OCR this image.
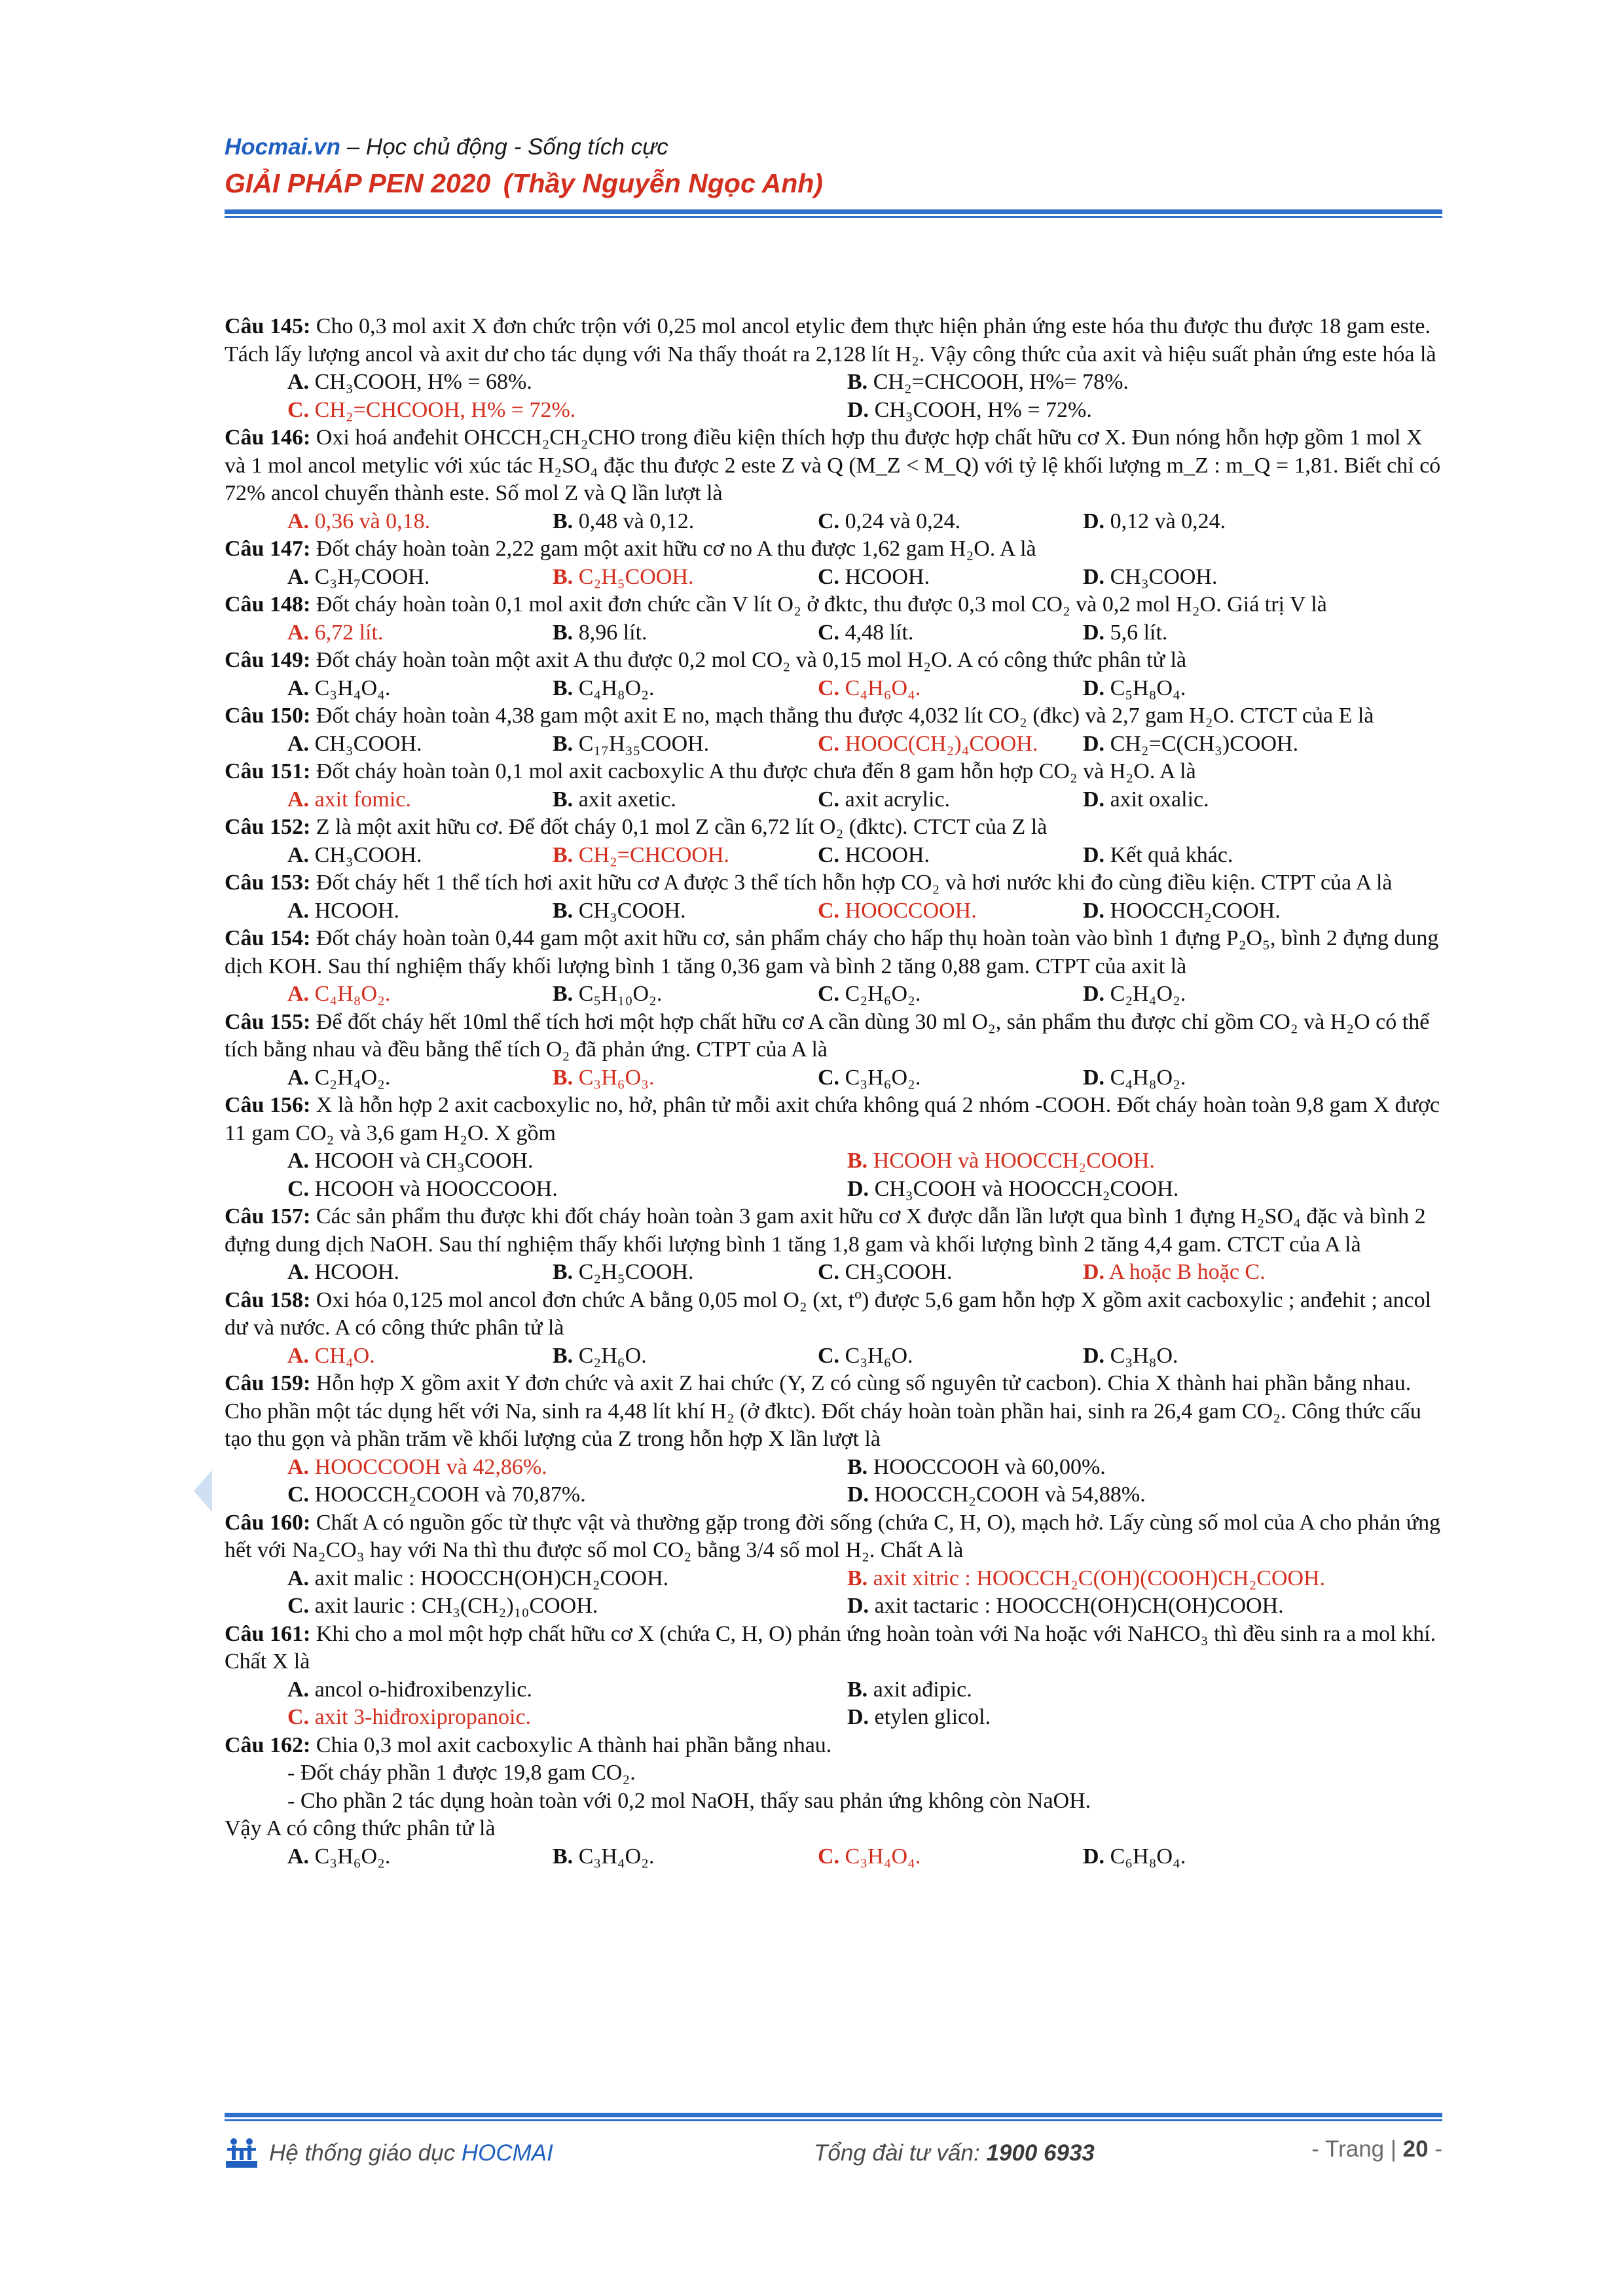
Hocmai.vn – Học chủ động - Sống tích cực
GIẢI PHÁP PEN 2020 (Thầy Nguyễn Ngọc Anh)

Câu 145: Cho 0,3 mol axit X đơn chức trộn với 0,25 mol ancol etylic đem thực hiện phản ứng este hóa thu được thu được 18 gam este. Tách lấy lượng ancol và axit dư cho tác dụng với Na thấy thoát ra 2,128 lít H₂. Vậy công thức của axit và hiệu suất phản ứng este hóa là

A. CH₃COOH, H% = 68%.	B. CH₂=CHCOOH, H%= 78%.
C. CH₂=CHCOOH, H% = 72%.	D. CH₃COOH, H% = 72%.

Câu 146: Oxi hoá anđehit OHCCH₂CH₂CHO trong điều kiện thích hợp thu được hợp chất hữu cơ X. Đun nóng hỗn hợp gồm 1 mol X và 1 mol ancol metylic với xúc tác H₂SO₄ đặc thu được 2 este Z và Q (M_Z < M_Q) với tỷ lệ khối lượng m_Z : m_Q = 1,81. Biết chỉ có 72% ancol chuyển thành este. Số mol Z và Q lần lượt là

A. 0,36 và 0,18.	B. 0,48 và 0,12.	C. 0,24 và 0,24.	D. 0,12 và 0,24.

Câu 147: Đốt cháy hoàn toàn 2,22 gam một axit hữu cơ no A thu được 1,62 gam H₂O. A là

A. C₃H₇COOH.	B. C₂H₅COOH.	C. HCOOH.	D. CH₃COOH.

Câu 148: Đốt cháy hoàn toàn 0,1 mol axit đơn chức cần V lít O₂ ở đktc, thu được 0,3 mol CO₂ và 0,2 mol H₂O. Giá trị V là

A. 6,72 lít.	B. 8,96 lít.	C. 4,48 lít.	D. 5,6 lít.

Câu 149: Đốt cháy hoàn toàn một axit A thu được 0,2 mol CO₂ và 0,15 mol H₂O. A có công thức phân tử là

A. C₃H₄O₄.	B. C₄H₈O₂.	C. C₄H₆O₄.	D. C₅H₈O₄.

Câu 150: Đốt cháy hoàn toàn 4,38 gam một axit E no, mạch thẳng thu được 4,032 lít CO₂ (đkc) và 2,7 gam H₂O. CTCT của E là

A. CH₃COOH.	B. C₁₇H₃₅COOH.	C. HOOC(CH₂)₄COOH.	D. CH₂=C(CH₃)COOH.

Câu 151: Đốt cháy hoàn toàn 0,1 mol axit cacboxylic A thu được chưa đến 8 gam hỗn hợp CO₂ và H₂O. A là

A. axit fomic.	B. axit axetic.	C. axit acrylic.	D. axit oxalic.

Câu 152: Z là một axit hữu cơ. Để đốt cháy 0,1 mol Z cần 6,72 lít O₂ (đktc). CTCT của Z là

A. CH₃COOH.	B. CH₂=CHCOOH.	C. HCOOH.	D. Kết quả khác.

Câu 153: Đốt cháy hết 1 thể tích hơi axit hữu cơ A được 3 thể tích hỗn hợp CO₂ và hơi nước khi đo cùng điều kiện. CTPT của A là

A. HCOOH.	B. CH₃COOH.	C. HOOCCOOH.	D. HOOCCH₂COOH.

Câu 154: Đốt cháy hoàn toàn 0,44 gam một axit hữu cơ, sản phẩm cháy cho hấp thụ hoàn toàn vào bình 1 đựng P₂O₅, bình 2 đựng dung dịch KOH. Sau thí nghiệm thấy khối lượng bình 1 tăng 0,36 gam và bình 2 tăng 0,88 gam. CTPT của axit là

A. C₄H₈O₂.	B. C₅H₁₀O₂.	C. C₂H₆O₂.	D. C₂H₄O₂.

Câu 155: Để đốt cháy hết 10ml thể tích hơi một hợp chất hữu cơ A cần dùng 30 ml O₂, sản phẩm thu được chỉ gồm CO₂ và H₂O có thể tích bằng nhau và đều bằng thể tích O₂ đã phản ứng. CTPT của A là

A. C₂H₄O₂.	B. C₃H₆O₃.	C. C₃H₆O₂.	D. C₄H₈O₂.

Câu 156: X là hỗn hợp 2 axit cacboxylic no, hở, phân tử mỗi axit chứa không quá 2 nhóm -COOH. Đốt cháy hoàn toàn 9,8 gam X được 11 gam CO₂ và 3,6 gam H₂O. X gồm

A. HCOOH và CH₃COOH.	B. HCOOH và HOOCCH₂COOH.
C. HCOOH và HOOCCOOH.	D. CH₃COOH và HOOCCH₂COOH.

Câu 157: Các sản phẩm thu được khi đốt cháy hoàn toàn 3 gam axit hữu cơ X được dẫn lần lượt qua bình 1 đựng H₂SO₄ đặc và bình 2 đựng dung dịch NaOH. Sau thí nghiệm thấy khối lượng bình 1 tăng 1,8 gam và khối lượng bình 2 tăng 4,4 gam. CTCT của A là

A. HCOOH.	B. C₂H₅COOH.	C. CH₃COOH.	D. A hoặc B hoặc C.

Câu 158: Oxi hóa 0,125 mol ancol đơn chức A bằng 0,05 mol O₂ (xt, tº) được 5,6 gam hỗn hợp X gồm axit cacboxylic ; anđehit ; ancol dư và nước. A có công thức phân tử là

A. CH₄O.	B. C₂H₆O.	C. C₃H₆O.	D. C₃H₈O.

Câu 159: Hỗn hợp X gồm axit Y đơn chức và axit Z hai chức (Y, Z có cùng số nguyên tử cacbon). Chia X thành hai phần bằng nhau. Cho phần một tác dụng hết với Na, sinh ra 4,48 lít khí H₂ (ở đktc). Đốt cháy hoàn toàn phần hai, sinh ra 26,4 gam CO₂. Công thức cấu tạo thu gọn và phần trăm về khối lượng của Z trong hỗn hợp X lần lượt là

A. HOOCCOOH và 42,86%.	B. HOOCCOOH và 60,00%.
C. HOOCCH₂COOH và 70,87%.	D. HOOCCH₂COOH và 54,88%.

Câu 160: Chất A có nguồn gốc từ thực vật và thường gặp trong đời sống (chứa C, H, O), mạch hở. Lấy cùng số mol của A cho phản ứng hết với Na₂CO₃ hay với Na thì thu được số mol CO₂ bằng 3/4 số mol H₂. Chất A là

A. axit malic : HOOCCH(OH)CH₂COOH.	B. axit xitric : HOOCCH₂C(OH)(COOH)CH₂COOH.
C. axit lauric : CH₃(CH₂)₁₀COOH.	D. axit tactaric : HOOCCH(OH)CH(OH)COOH.

Câu 161: Khi cho a mol một hợp chất hữu cơ X (chứa C, H, O) phản ứng hoàn toàn với Na hoặc với NaHCO₃ thì đều sinh ra a mol khí. Chất X là

A. ancol o-hiđroxibenzylic.	B. axit ađipic.
C. axit 3-hiđroxipropanoic.	D. etylen glicol.

Câu 162: Chia 0,3 mol axit cacboxylic A thành hai phần bằng nhau.

- Đốt cháy phần 1 được 19,8 gam CO₂.

- Cho phần 2 tác dụng hoàn toàn với 0,2 mol NaOH, thấy sau phản ứng không còn NaOH.

Vậy A có công thức phân tử là

A. C₃H₆O₂.	B. C₃H₄O₂.	C. C₃H₄O₄.	D. C₆H₈O₄.
Hệ thống giáo dục HOCMAI	Tổng đài tư vấn: 1900 6933	- Trang | 20 -
